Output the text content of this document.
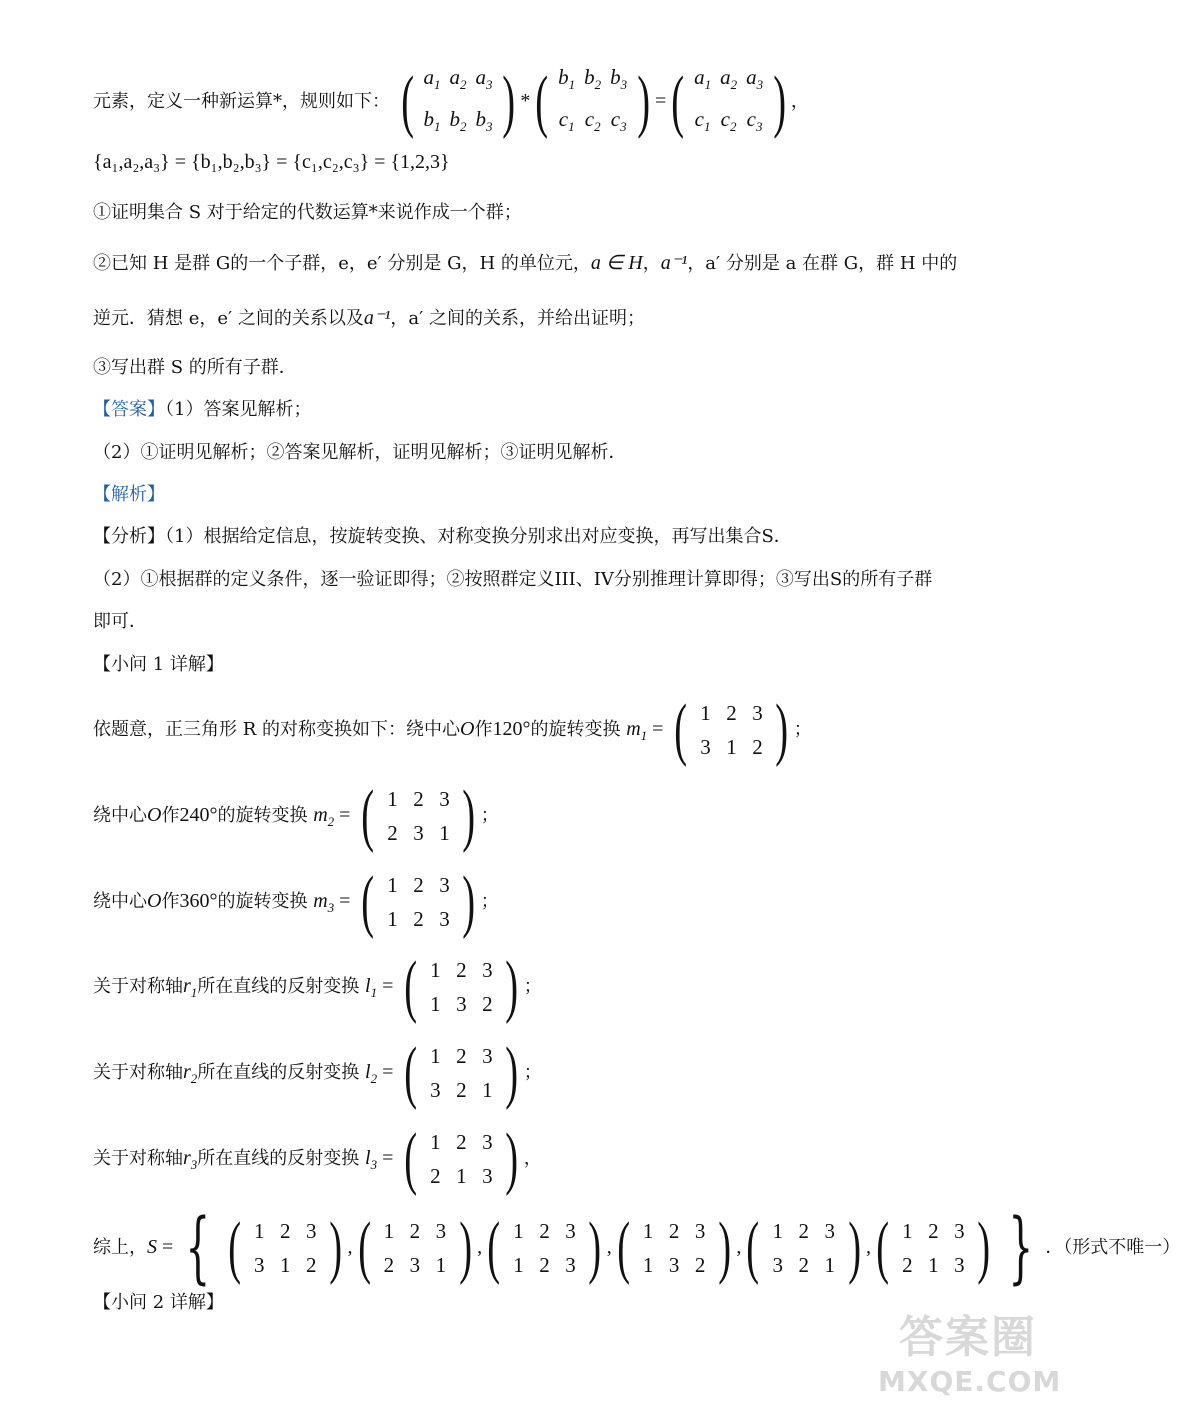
元素，定义一种新运算*，规则如下： ( $a_1$ $a_2$ $a_3$
$b_1$ $b_2$ $b_3$ ) * ( $b_1$ $b_2$ $b_3$
$c_1$ $c_2$ $c_3$ ) = ( $a_1$ $a_2$ $a_3$
$c_1$ $c_2$ $c_3$ ) ，
{a₁,a₂,a₃} = {b₁,b₂,b₃} = {c₁,c₂,c₃} = {1,2,3}
①证明集合 S 对于给定的代数运算*来说作成一个群；
②已知 H 是群 G的一个子群，e，e′ 分别是 G，H 的单位元，a ∈ H，a⁻¹，a′ 分别是 a 在群 G，群 H 中的
逆元．猜想 e，e′ 之间的关系以及a⁻¹，a′ 之间的关系，并给出证明；
③写出群 S 的所有子群．
【答案】（1）答案见解析；
（2）①证明见解析；②答案见解析，证明见解析；③证明见解析．
【解析】
【分析】（1）根据给定信息，按旋转变换、对称变换分别求出对应变换，再写出集合S．
（2）①根据群的定义条件，逐一验证即得；②按照群定义III、IV分别推理计算即得；③写出S的所有子群
即可．
【小问 1 详解】
依题意，正三角形 R 的对称变换如下：绕中心O作120°的旋转变换 $m_1$ = ( 1 2 3
3 1 2 ) ；
绕中心O作240°的旋转变换 $m_2$ = ( 1 2 3
2 3 1 ) ；
绕中心O作360°的旋转变换 $m_3$ = ( 1 2 3
1 2 3 ) ；
关于对称轴$r_1$所在直线的反射变换 $l_1$ = ( 1 2 3
1 3 2 ) ；
关于对称轴$r_2$所在直线的反射变换 $l_2$ = ( 1 2 3
3 2 1 ) ；
关于对称轴$r_3$所在直线的反射变换 $l_3$ = ( 1 2 3
2 1 3 ) ，
综上，S = { ( 1 2 3
3 1 2 ) , ( 1 2 3
2 3 1 ) , ( 1 2 3
1 2 3 ) , ( 1 2 3
1 3 2 ) , ( 1 2 3
3 2 1 ) , ( 1 2 3
2 1 3 ) } ．（形式不唯一）
【小问 2 详解】
答案圈
MXQE.COM
